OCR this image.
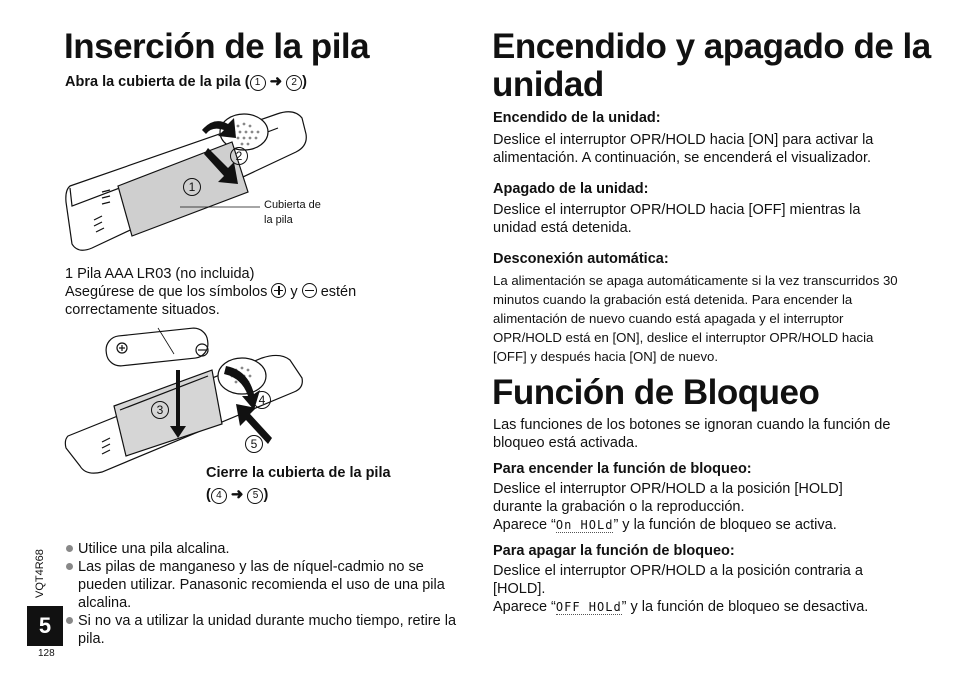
Inserción de la pila
Abra la cubierta de la pila ( 1 ➜ 2 )
2
1
Cubierta de la pila
1 Pila AAA LR03 (no incluida)
Asegúrese de que los símbolos y estén
correctamente situados.
3
4
5
Cierre la cubierta de la pila
( 4 ➜ 5 )
Utilice una pila alcalina.
Las pilas de manganeso y las de níquel-cadmio no se pueden utilizar. Panasonic recomienda el uso de una pila alcalina.
Si no va a utilizar la unidad durante mucho tiempo, retire la pila.
VQT4R68
5
128
Encendido y apagado de la unidad
Encendido de la unidad:
Deslice el interruptor OPR/HOLD hacia [ON] para activar la alimentación. A continuación, se encenderá el visualizador.
Apagado de la unidad:
Deslice el interruptor OPR/HOLD hacia [OFF] mientras la unidad está detenida.
Desconexión automática:
La alimentación se apaga automáticamente si la vez transcurridos 30 minutos cuando la grabación está detenida. Para encender la alimentación de nuevo cuando está apagada y el interruptor OPR/HOLD está en [ON], deslice el interruptor OPR/HOLD hacia [OFF] y después hacia [ON] de nuevo.
Función de Bloqueo
Las funciones de los botones se ignoran cuando la función de bloqueo está activada.
Para encender la función de bloqueo:
Deslice el interruptor OPR/HOLD a la posición [HOLD] durante la grabación o la reproducción.
Aparece “On HOLd” y la función de bloqueo se activa.
Para apagar la función de bloqueo:
Deslice el interruptor OPR/HOLD a la posición contraria a [HOLD].
Aparece “OFF HOLd” y la función de bloqueo se desactiva.
